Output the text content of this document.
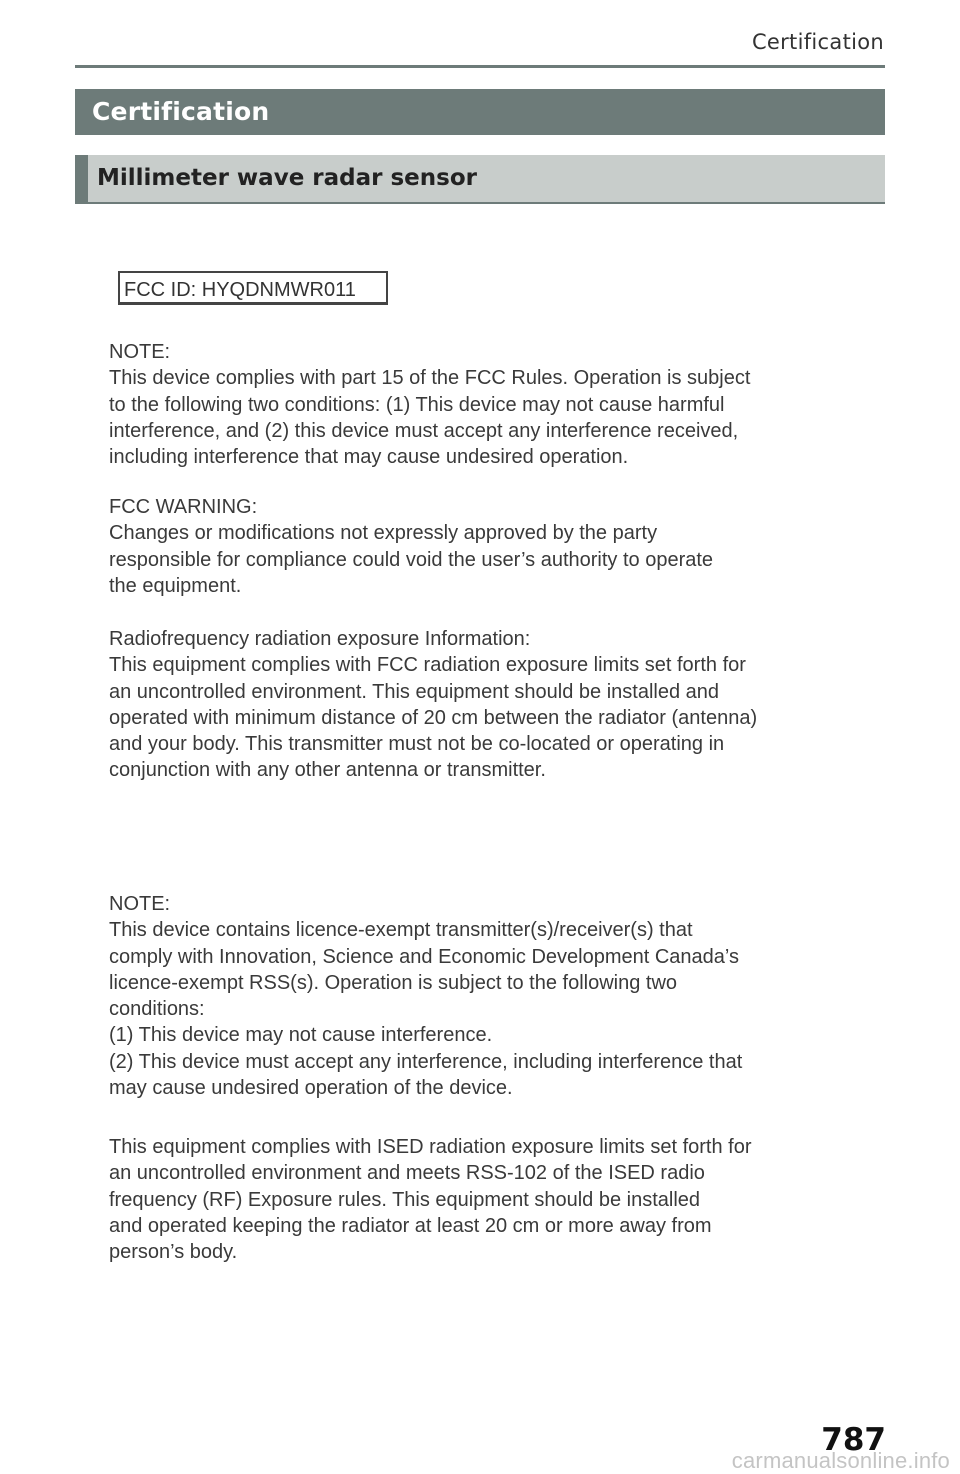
Certification
Certification
Millimeter wave radar sensor
FCC ID: HYQDNMWR011

NOTE:

This device complies with part 15 of the FCC Rules. Operation is subject

to the following two conditions: (1) This device may not cause harmful

interference, and (2) this device must accept any interference received,

including interference that may cause undesired operation.

FCC WARNING:

Changes or modifications not expressly approved by the party

responsible for compliance could void the user’s authority to operate

the equipment.

Radiofrequency radiation exposure Information:

This equipment complies with FCC radiation exposure limits set forth for

an uncontrolled environment. This equipment should be installed and

operated with minimum distance of 20 cm between the radiator (antenna)

and your body. This transmitter must not be co-located or operating in

conjunction with any other antenna or transmitter.

NOTE:

This device contains licence-exempt transmitter(s)/receiver(s) that

comply with Innovation, Science and Economic Development Canada’s

licence-exempt RSS(s). Operation is subject to the following two

conditions:

(1) This device may not cause interference.

(2) This device must accept any interference, including interference that

may cause undesired operation of the device.

This equipment complies with ISED radiation exposure limits set forth for

an uncontrolled environment and meets RSS-102 of the ISED radio

frequency (RF) Exposure rules. This equipment should be installed

and operated keeping the radiator at least 20 cm or more away from

person’s body.

787
carmanualsonline.info
